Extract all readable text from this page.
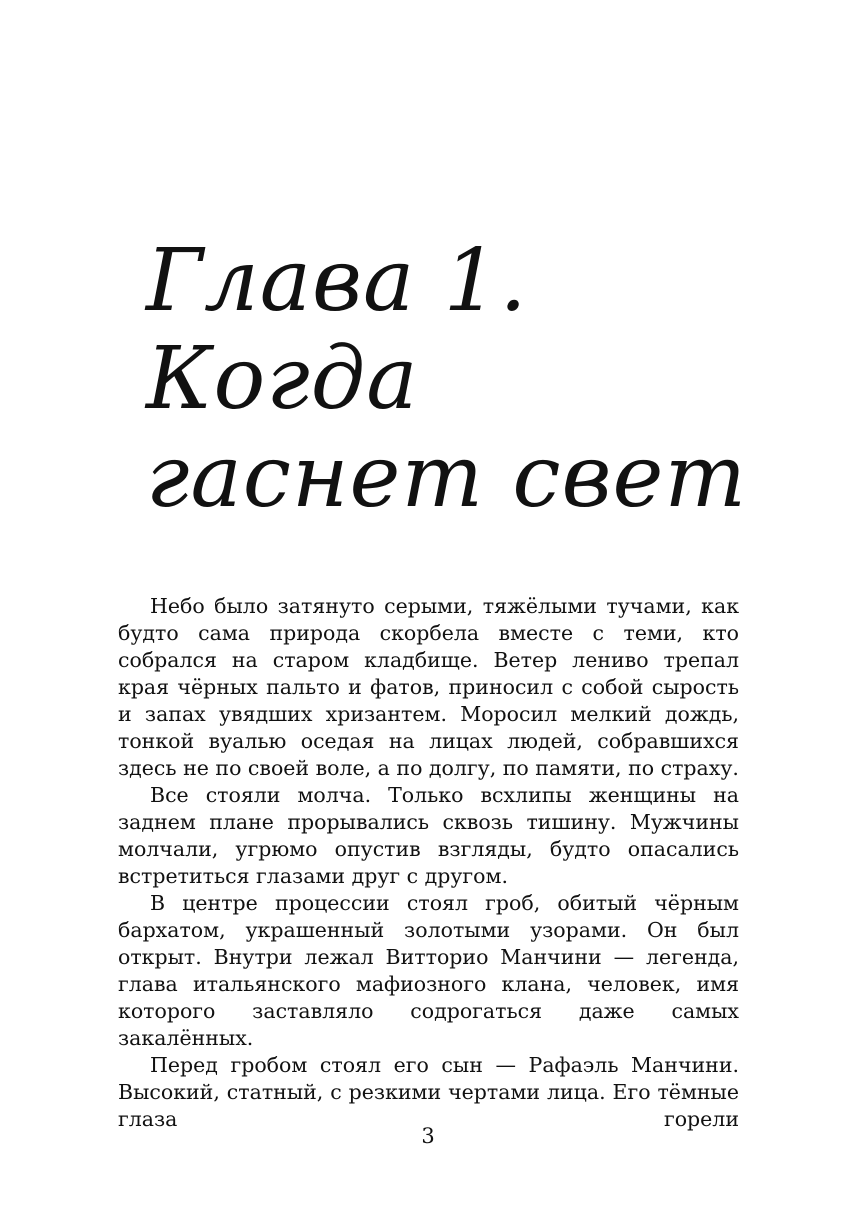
Глава 1.
Когда
гаснет свет

Небо было затянуто серыми, тяжёлыми тучами, как будто сама природа скорбела вместе с теми, кто собрался на старом кладбище. Ветер лениво трепал края чёрных пальто и фатов, приносил с собой сырость и запах увядших хризантем. Моросил мелкий дождь, тонкой вуалью оседая на лицах людей, собравшихся здесь не по своей воле, а по долгу, по памяти, по страху.

Все стояли молча. Только всхлипы женщины на заднем плане прорывались сквозь тишину. Мужчины молчали, угрюмо опустив взгляды, будто опасались встретиться глазами друг с другом.

В центре процессии стоял гроб, обитый чёрным бархатом, украшенный золотыми узорами. Он был открыт. Внутри лежал Витторио Манчини — легенда, глава итальянского мафиозного клана, человек, имя которого заставляло содрогаться даже самых закалённых.

Перед гробом стоял его сын — Рафаэль Манчини. Высокий, статный, с резкими чертами лица. Его тёмные глаза горели

3
